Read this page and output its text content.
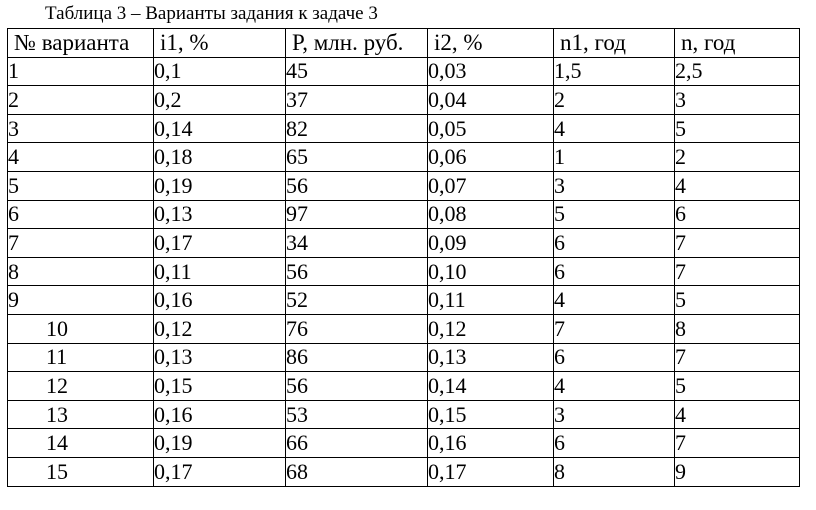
Таблица 3 – Варианты задания к задаче 3
№ варианта	i1, %	P, млн. руб.	i2, %	n1, год	n, год
1	0,1	45	0,03	1,5	2,5
2	0,2	37	0,04	2	3
3	0,14	82	0,05	4	5
4	0,18	65	0,06	1	2
5	0,19	56	0,07	3	4
6	0,13	97	0,08	5	6
7	0,17	34	0,09	6	7
8	0,11	56	0,10	6	7
9	0,16	52	0,11	4	5
10	0,12	76	0,12	7	8
11	0,13	86	0,13	6	7
12	0,15	56	0,14	4	5
13	0,16	53	0,15	3	4
14	0,19	66	0,16	6	7
15	0,17	68	0,17	8	9
